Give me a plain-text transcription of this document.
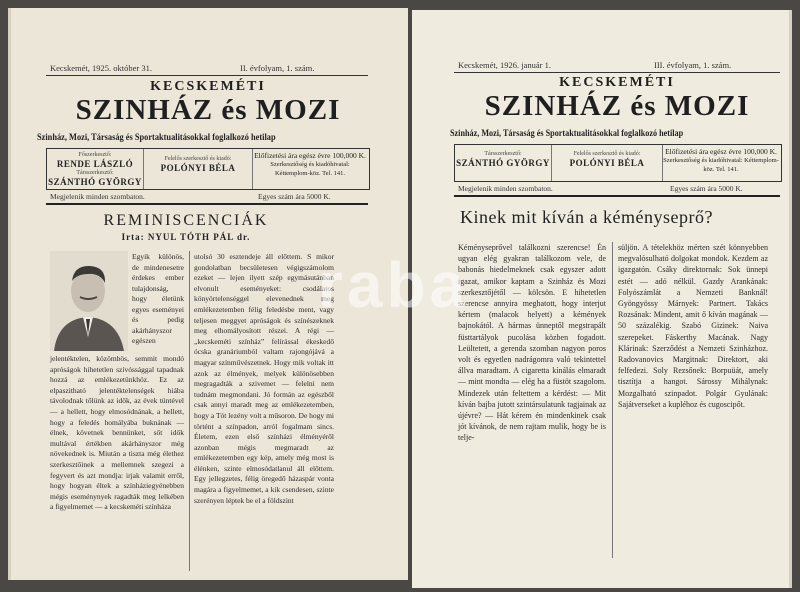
Kecskemét, 1925. október 31.	II. évfolyam, 1. szám.
KECSKEMÉTI
SZINHÁZ és MOZI
Szinház, Mozi, Társaság és Sportaktualitásokkal foglalkozó hetilap
Főszerkesztő:
RENDE LÁSZLÓ
Társszerkesztő:
SZÁNTHÓ GYÖRGY
Felelős szerkesztő és kiadó:
POLÓNYI BÉLA
Előfizetési ára egész évre 100,000 K.
Szerkesztőség és kiadóhivatal: Kéttemplom-köz. Tel. 141.
Megjelenik minden szombaton.	Egyes szám ára 5000 K.
REMINISCENCIÁK
Irta: NYUL TÓTH PÁL dr.
Egyik különös, de mindenesetre érdekes ember tulajdonság, hogy életünk egyes eseményei és pedig akárhányszor egészen
jelentéktelen, közömbös, semmit mondó apróságok hihetetlen szívóssággal tapadnak hozzá az emlékezetünkhöz. Ez az elpaszitható jelentéktelenségek hiába távolodnak tőlünk az idők, az évek tüntével — a hellett, hogy elmosódnának, a hellett, hogy a feledés homályába buknának — élnek, követnek bennünket, sőt idők multával értékben akárhányszor még növekednek is. Miután a tiszta még élethez szerkesztőinek a mellemnek szegezi a fegyvert és azt mondja: irjak valamit erről, hogy hogyan éltek a színháziegyénebben mégis eseménynyek ragadták meg lelkében a figyelmemet — a kecskeméti színháza
utolsó 30 esztendeje áll előttem. S mikor gondolatban becsületesen végigszámolom ezeket — lejen ilyett szép egymásutánban elvonult eseményeket: csodálatos könyörtelenséggel elevenednek meg emlékezetemben félig feledésbe ment, vagy teljesen meggyet apróságok és színészeknek meg elhomályosított részei. A régi — „kecskeméti színház” felírással ékeskedő ócska granáriumból valtam rajongójává a magyar színművészetnek. Hogy mik voltak itt azok az élmények, melyek különösebben megragadták a szivemet — felelni nem tudnám megmondani. Jó formán az egészből csak annyi maradt meg az emlékezetemben, hogy a Tót lezény volt a műsoron. De hogy mi történt a színpadon, arról fogalmam sincs. Életem, ezen első színházi élményéről azonban mégis megmaradt az emlékezetemben egy kép, amely még most is élénken, szinte elmosódatlanul áll előttem. Egy jellegzetes, félig öregedő házaspár vonta magára a figyelmemet, a kik csendesen, szinte szerényen léptek be el a földszint
Kecskemét, 1926. január 1.	III. évfolyam, 1. szám.
KECSKEMÉTI
SZINHÁZ és MOZI
Szinház, Mozi, Társaság és Sportaktualitásokkal foglalkozó hetilap
Társszerkesztő:
SZÁNTHÓ GYÖRGY
Felelős szerkesztő és kiadó:
POLÓNYI BÉLA
Előfizetési ára egész évre 100,000 K.
Szerkesztőség és kiadóhivatal: Kéttemplom-köz. Tel. 141.
Megjelenik minden szombaton.	Egyes szám ára 5000 K.
Kinek mit kíván a kéményseprő?
Kéményseprővel találkozni szerencse! Én ugyan elég gyakran találkozom vele, de babonás hiedelmeknek csak egyszer adott igazat, amikor kaptam a Szinház és Mozi szerkesztőjétől — kölcsön. E hihetetlen szerencse annyira meghatott, hogy interjut kértem (malacok helyett) a kémények bajnokától. A hármas ünneptől megstrapált füsttartályok pucolása közben fogadott. Leültetett, a gerenda szomban nagyon poros volt és egyetlen nadrágomra való tekintettel állva maradtam. A cigaretta kínálás elmaradt — mint mondta — elég ha a füstöt szagolom. Mindezek után feltettem a kérdést: — Mit kíván bajba jutott szintársulatunk tagjainak az újévre? — Hát kérem én mindenkinek csak jót kívánok, de nem rajtam mulik, hogy be is telje-
süljön. A tételekhöz mérten szét könnyebben megvalósulható dolgokat mondok. Kezdem az igazgatón. Csáky direktornak: Sok ünnepi estét — adó nélkül. Gazdy Arankának: Folyószámlát a Nemzeti Banknál! Gyöngyössy Márnyek: Partnert. Takács Rozsának: Mindent, amit ő kíván magának — 50 százalékig. Szabó Gizinek: Naiva szerepeket. Fáskerthy Macának. Nagy Klárinak: Szerződést a Nemzeti Szinházhoz. Radovanovics Margitnak: Direktort, aki felfedezi. Soly Rezsőnek: Borpuüát, amely tisztítja a hangot. Sárossy Mihálynak: Mozgalható szinpadot. Polgár Gyulának: Sajátverseket a kupléhoz és cugoscipőt.
raba
